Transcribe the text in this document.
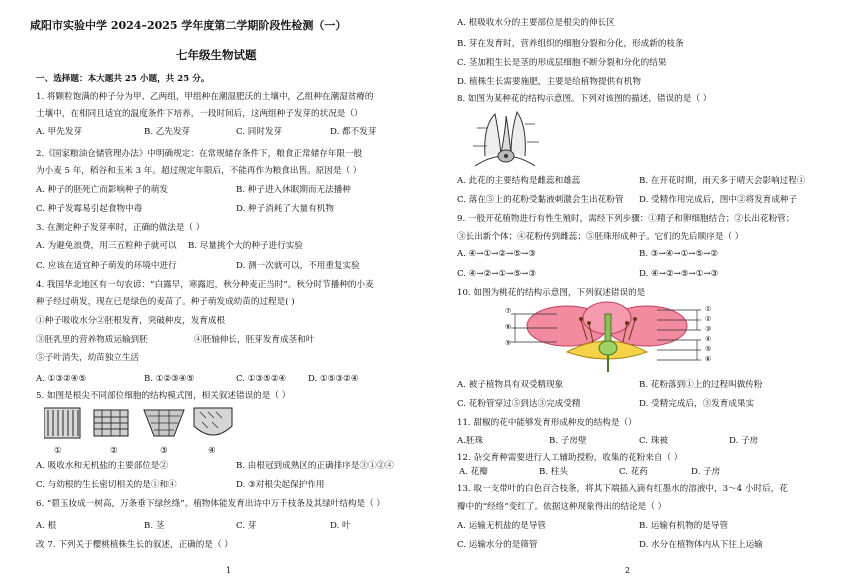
咸阳市实验中学 2024–2025 学年度第二学期阶段性检测（一）
七年级生物试题
一、选择题：本大题共 25 小题，共 25 分。
1. 将颗粒饱满的种子分为甲、乙两组，甲组种在潮湿肥沃的土壤中，乙组种在潮湿贫瘠的
土壤中，在相同且适宜的温度条件下培养，一段时间后，这两组种子发芽的状况是（）
A. 甲先发芽	B. 乙先发芽	C. 同时发芽	D. 都不发芽
2.《国家粮油仓储管理办法》中明确规定：在常规储存条件下，粮食正常储存年限一般
为小麦 5 年，稻谷和玉米 3 年。超过规定年限后，不能再作为粮食出售。原因是（ ）
A. 种子的胚死亡而影响种子的萌发	B. 种子进入休眠期而无法播种
C. 种子发霉易引起食物中毒	D. 种子消耗了大量有机物
3. 在测定种子发芽率时，正确的做法是（ ）
A. 为避免浪费，用三五粒种子就可以 B. 尽量挑个大的种子进行实验
C. 应该在适宜种子萌发的环境中进行	D. 测一次就可以，不用重复实验
4. 我国华北地区有一句农谚：“白露早，寒露迟，秋分种麦正当时”。秋分时节播种的小麦
种子经过萌发，现在已是绿色的麦苗了。种子萌发成幼苗的过程是( )
①种子吸收水分②胚根发育，突破种皮，发育成根
③胚乳里的营养物质运输到胚	④胚轴伸长，胚芽发育成茎和叶
⑤子叶消失，幼苗独立生活
A. ①③②④⑤	B. ①②③④⑤	C. ①③⑤②④	D. ①⑤③②④
5. 如图是根尖不同部位细胞的结构模式图，相关叙述错误的是（ ）
①	②	③	④
A. 吸收水和无机盐的主要部位是②	B. 由根冠到成熟区的正确排序是③①②④
C. 与幼根的生长密切相关的是①和④	D. ③对根尖起保护作用
6. “碧玉妆成一树高，万条垂下绿丝绦”。植物体能发育出诗中万千枝条及其绿叶结构是（ ）
A. 根	B. 茎	C. 芽	D. 叶
改 7. 下列关于樱桃植株生长的叙述，正确的是（ ）
1
A. 根吸收水分的主要部位是根尖的伸长区
B. 芽在发育时，营养组织的细胞分裂和分化，形成新的枝条
C. 茎加粗生长是茎的形成层细胞不断分裂和分化的结果
D. 植株生长需要施肥，主要是给植物提供有机物
8. 如图为某种花的结构示意图。下列对该图的描述，错误的是（ ）
A. 此花的主要结构是雌蕊和雄蕊	B. 在开花时期，雨天多于晴天会影响过程①
C. 落在⑤上的花粉受黏液刺激会生出花粉管 D. 受精作用完成后，图中②将发育成种子
9. 一般开花植物进行有性生殖时，需经下列步骤：①精子和卵细胞结合；②长出花粉管；
③长出新个体；④花粉传到雌蕊；⑤胚珠形成种子。它们的先后顺序是（ ）
A. ④→①→②→⑤→③	B. ③→④→①→⑤→②
C. ④→②→①→⑤→③	D. ④→②→⑤→①→③
10. 如图为桃花的结构示意图，下列叙述错误的是
⑦
⑧
⑨
①
②
③
④
⑤
⑥
A. 被子植物具有双受精现象	B. 花粉落到①上的过程叫做传粉
C. 花粉管穿过⑤到达③完成受精	D. 受精完成后，③发育成果实
11. 甜椒的花中能够发育形成种皮的结构是（）
A.胚珠	B. 子房壁	C. 珠被	D. 子房
12. 杂交育种需要进行人工辅助授粉，收集的花粉来自（ ）
A. 花瓣	B. 柱头	C. 花药	D. 子房
13. 取一支带叶的白色百合枝条，将其下端插入滴有红墨水的溶液中，3～4 小时后，花
瓣中的“经络”变红了。依据这种现象得出的结论是（ ）
A. 运输无机盐的是导管	B. 运输有机物的是导管
C. 运输水分的是筛管	D. 水分在植物体内从下往上运输
2
